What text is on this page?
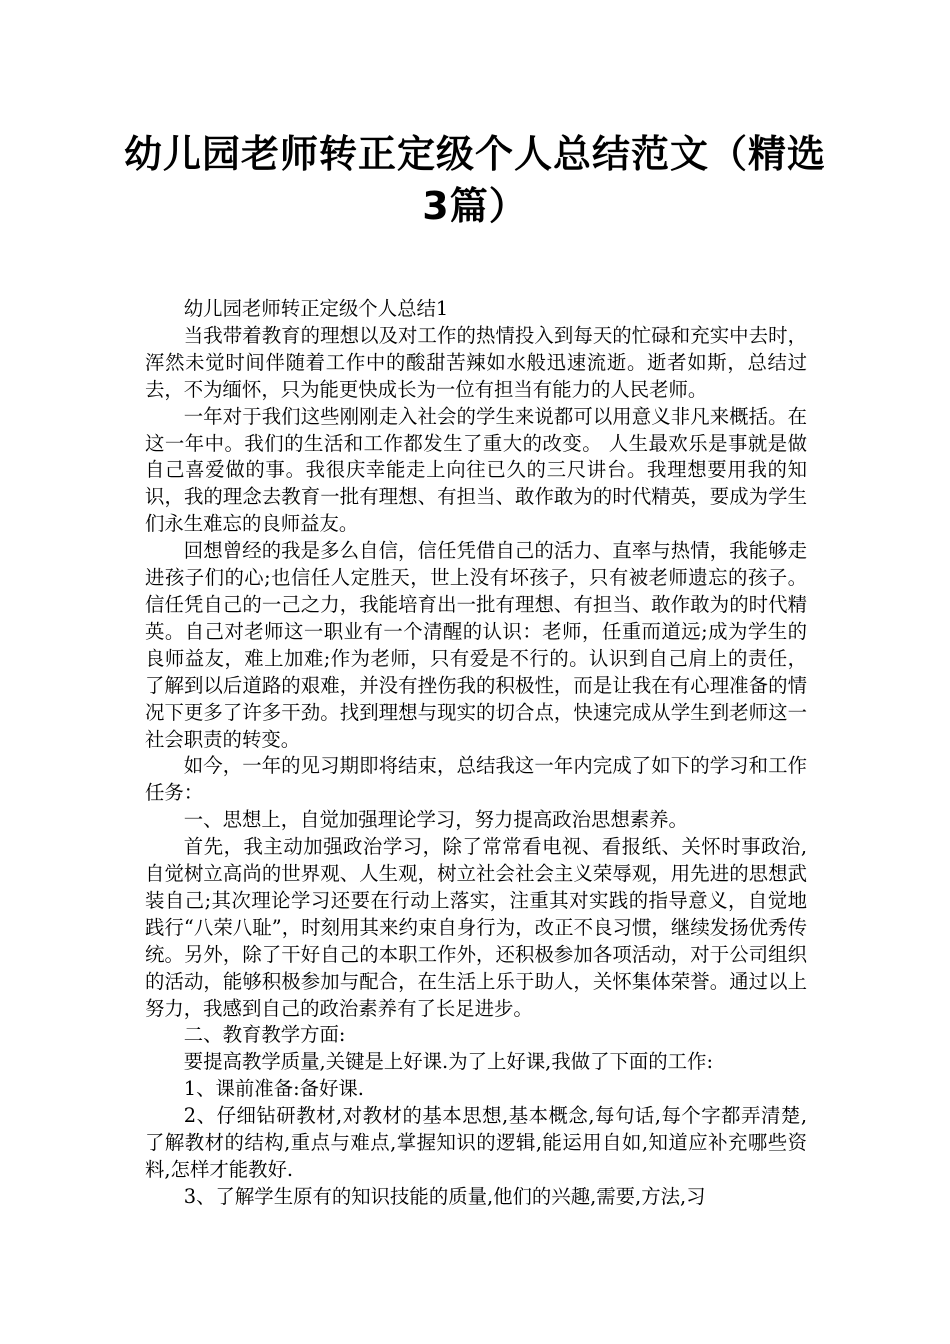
幼儿园老师转正定级个人总结范文（精选3篇）

幼儿园老师转正定级个人总结1

当我带着教育的理想以及对工作的热情投入到每天的忙碌和充实中去时，浑然未觉时间伴随着工作中的酸甜苦辣如水般迅速流逝。逝者如斯，总结过去，不为缅怀，只为能更快成长为一位有担当有能力的人民老师。

一年对于我们这些刚刚走入社会的学生来说都可以用意义非凡来概括。在这一年中。我们的生活和工作都发生了重大的改变。 人生最欢乐是事就是做自己喜爱做的事。我很庆幸能走上向往已久的三尺讲台。我理想要用我的知识，我的理念去教育一批有理想、有担当、敢作敢为的时代精英，要成为学生们永生难忘的良师益友。

回想曾经的我是多么自信，信任凭借自己的活力、直率与热情，我能够走进孩子们的心;也信任人定胜天，世上没有坏孩子，只有被老师遗忘的孩子。信任凭自己的一己之力，我能培育出一批有理想、有担当、敢作敢为的时代精英。自己对老师这一职业有一个清醒的认识：老师，任重而道远;成为学生的良师益友，难上加难;作为老师，只有爱是不行的。认识到自己肩上的责任，了解到以后道路的艰难，并没有挫伤我的积极性，而是让我在有心理准备的情况下更多了许多干劲。找到理想与现实的切合点，快速完成从学生到老师这一社会职责的转变。

如今，一年的见习期即将结束，总结我这一年内完成了如下的学习和工作任务：

一、思想上，自觉加强理论学习，努力提高政治思想素养。

首先，我主动加强政治学习，除了常常看电视、看报纸、关怀时事政治,自觉树立高尚的世界观、人生观，树立社会社会主义荣辱观，用先进的思想武装自己;其次理论学习还要在行动上落实，注重其对实践的指导意义，自觉地践行“八荣八耻”，时刻用其来约束自身行为，改正不良习惯，继续发扬优秀传统。另外，除了干好自己的本职工作外，还积极参加各项活动，对于公司组织的活动，能够积极参加与配合，在生活上乐于助人，关怀集体荣誉。通过以上努力，我感到自己的政治素养有了长足进步。

二、教育教学方面:

要提高教学质量,关键是上好课.为了上好课,我做了下面的工作:

1、课前准备:备好课.

2、仔细钻研教材,对教材的基本思想,基本概念,每句话,每个字都弄清楚,了解教材的结构,重点与难点,掌握知识的逻辑,能运用自如,知道应补充哪些资料,怎样才能教好.

3、了解学生原有的知识技能的质量,他们的兴趣,需要,方法,习
